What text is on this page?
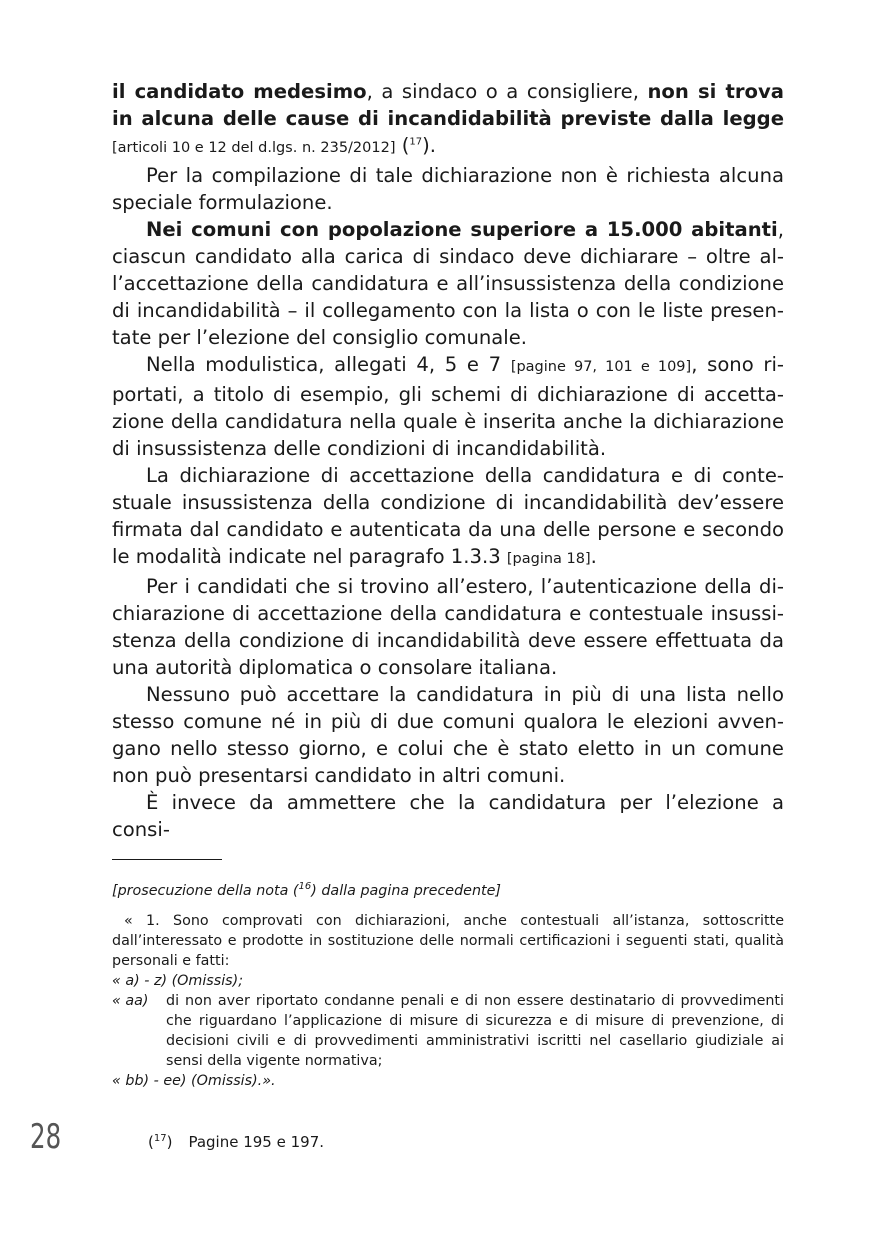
il candidato medesimo, a sindaco o a consigliere, non si trova in alcuna delle cause di incandidabilità previste dalla legge [articoli 10 e 12 del d.lgs. n. 235/2012] ($^{17}$).

Per la compilazione di tale dichiarazione non è richiesta alcuna speciale formulazione.

Nei comuni con popolazione superiore a 15.000 abitanti, ciascun candidato alla carica di sindaco deve dichiarare – oltre all’accettazione della candidatura e all’insussistenza della condizione di incandidabilità – il collegamento con la lista o con le liste presentate per l’elezione del consiglio comunale.

Nella modulistica, allegati 4, 5 e 7 [pagine 97, 101 e 109], sono riportati, a titolo di esempio, gli schemi di dichiarazione di accettazione della candidatura nella quale è inserita anche la dichiarazione di insussistenza delle condizioni di incandidabilità.

La dichiarazione di accettazione della candidatura e di contestuale insussistenza della condizione di incandidabilità dev’essere firmata dal candidato e autenticata da una delle persone e secondo le modalità indicate nel paragrafo 1.3.3 [pagina 18].

Per i candidati che si trovino all’estero, l’autenticazione della dichiarazione di accettazione della candidatura e contestuale insussistenza della condizione di incandidabilità deve essere effettuata da una autorità diplomatica o consolare italiana.

Nessuno può accettare la candidatura in più di una lista nello stesso comune né in più di due comuni qualora le elezioni avvengano nello stesso giorno, e colui che è stato eletto in un comune non può presentarsi candidato in altri comuni.

È invece da ammettere che la candidatura per l’elezione a consi-

[prosecuzione della nota ($^{16}$) dalla pagina precedente]

« 1. Sono comprovati con dichiarazioni, anche contestuali all’istanza, sottoscritte dall’interessato e prodotte in sostituzione delle normali certificazioni i seguenti stati, qualità personali e fatti:

« a) - z) (Omissis);

« aa)	di non aver riportato condanne penali e di non essere destinatario di provvedimenti che riguardano l’applicazione di misure di sicurezza e di misure di prevenzione, di decisioni civili e di provvedimenti amministrativi iscritti nel casellario giudiziale ai sensi della vigente normativa;

« bb) - ee) (Omissis).».

($^{17}$) Pagine 195 e 197.
28
